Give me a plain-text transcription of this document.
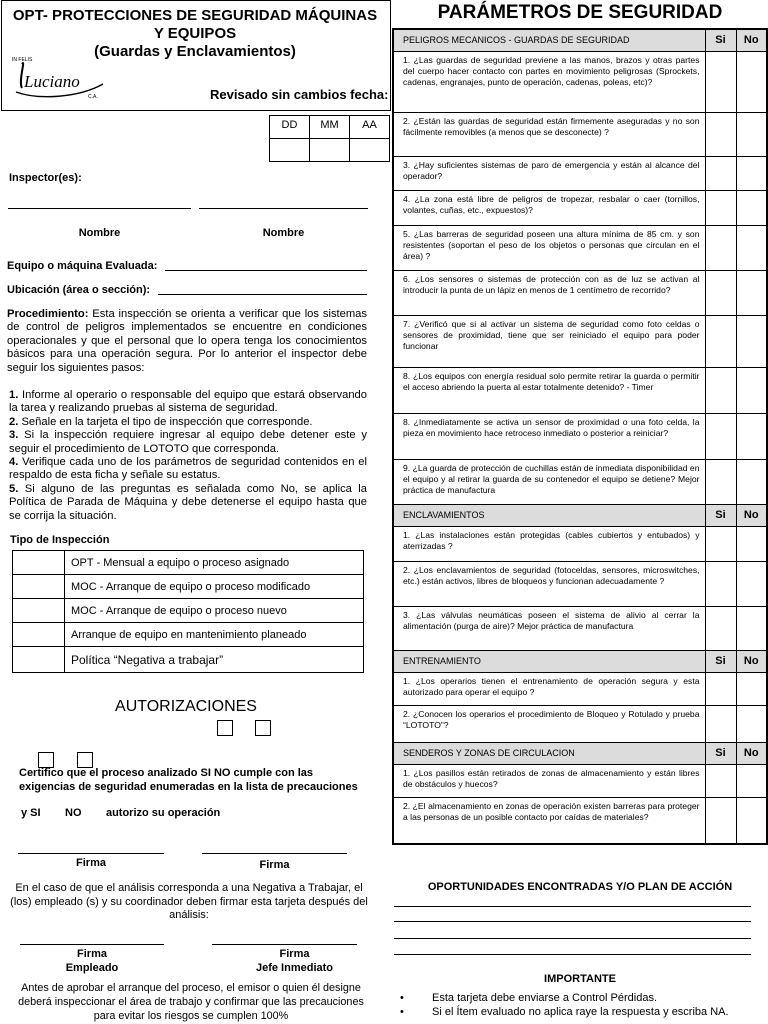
OPT- PROTECCIONES DE SEGURIDAD MÁQUINAS Y EQUIPOS
(Guardas y Enclavamientos)
IN FELIS
Luciano
C.A.	Revisado sin cambios fecha:
DD	MM	AA

Inspector(es):
Nombre	Nombre
Equipo o máquina Evaluada:
Ubicación (área o sección):
Procedimiento: Esta inspección se orienta a verificar que los sistemas de control de peligros implementados se encuentre en condiciones operacionales y que el personal que lo opera tenga los conocimientos básicos para una operación segura. Por lo anterior el inspector debe seguir los siguientes pasos:
1. Informe al operario o responsable del equipo que estará observando la tarea y realizando pruebas al sistema de seguridad.
2. Señale en la tarjeta el tipo de inspección que corresponde.
3. Si la inspección requiere ingresar al equipo debe detener este y seguir el procedimiento de LOTOTO que corresponda.
4. Verifique cada uno de los parámetros de seguridad contenidos en el respaldo de esta ficha y señale su estatus.
5. Si alguno de las preguntas es señalada como No, se aplica la Política de Parada de Máquina y debe detenerse el equipo hasta que se corrija la situación.
Tipo de Inspección
	OPT - Mensual a equipo o proceso asignado
	MOC - Arranque de equipo o proceso modificado
	MOC - Arranque de equipo o proceso nuevo
	Arranque de equipo en mantenimiento planeado
	Política “Negativa a trabajar”
AUTORIZACIONES
Certifico que el proceso analizado SI NO cumple con las
exigencias de seguridad enumeradas en la lista de precauciones
y SI        NO        autorizo su operación
Firma	Firma
En el caso de que el análisis corresponda a una Negativa a Trabajar, el (los) empleado (s) y su coordinador deben firmar esta tarjeta después del análisis:
Firma
Empleado
Firma
Jefe Inmediato
Antes de aprobar el arranque del proceso, el emisor o quien él designe deberá inspeccionar el área de trabajo y confirmar que las precauciones para evitar los riesgos se cumplen 100%
PARÁMETROS DE SEGURIDAD
PELIGROS MECANICOS - GUARDAS DE SEGURIDAD	Si	No
1. ¿Las guardas de seguridad previene a las manos, brazos y otras partes del cuerpo hacer contacto con partes en movimiento peligrosas (Sprockets, cadenas, engranajes, punto de operación, cadenas, poleas, etc)?		
2. ¿Están las guardas de seguridad están firmemente aseguradas y no son fácilmente removibles (a menos que se desconecte) ?		
3. ¿Hay suficientes sistemas de paro de emergencia y están al alcance del operador?		
4. ¿La zona está libre de peligros de tropezar, resbalar o caer (tornillos, volantes, cuñas, etc., expuestos)?		
5. ¿Las barreras de seguridad poseen una altura mínima de 85 cm. y son resistentes (soportan el peso de los objetos o personas que circulan en el área) ?		
6. ¿Los sensores o sistemas de protección con as de luz se activan al introducir la punta de un lápiz en menos de 1 centímetro de recorrido?		
7. ¿Verificó que si al activar un sistema de seguridad como foto celdas o sensores de proximidad, tiene que ser reiniciado el equipo para poder funcionar		
8. ¿Los equipos con energía residual solo permite retirar la guarda o permitir el acceso abriendo la puerta al estar totalmente detenido? - Timer		
8. ¿Inmediatamente se activa un sensor de proximidad o una foto celda, la pieza en movimiento hace retroceso inmediato o posterior a reiniciar?		
9. ¿La guarda de protección de cuchillas están de inmediata disponibilidad en el equipo y al retirar la guarda de su contenedor el equipo se detiene? Mejor práctica de manufactura		
ENCLAVAMIENTOS	Si	No
1. ¿Las instalaciones están protegidas (cables cubiertos y entubados) y aterrizadas ?		
2. ¿Los enclavamientos de seguridad (fotoceldas, sensores, microswitches, etc.) están activos, libres de bloqueos y funcionan adecuadamente ?		
3. ¿Las válvulas neumáticas poseen el sistema de alivio al cerrar la alimentación (purga de aire)? Mejor práctica de manufactura		
ENTRENAMIENTO	Si	No
1. ¿Los operarios tienen el entrenamiento de operación segura y esta autorizado para operar el equipo ?		
2. ¿Conocen los operarios el procedimiento de Bloqueo y Rotulado y prueba “LOTOTO”?		
SENDEROS Y ZONAS DE CIRCULACION	Si	No
1. ¿Los pasillos están retirados de zonas de almacenamiento y están libres de obstáculos y huecos?		
2. ¿El almacenamiento en zonas de operación existen barreras para proteger a las personas de un posible contacto por caídas de materiales?		
OPORTUNIDADES ENCONTRADAS Y/O PLAN DE ACCIÓN
IMPORTANTE
•	Esta tarjeta debe enviarse a Control Pérdidas.
•	Si el Ítem evaluado no aplica raye la respuesta y escriba NA.
